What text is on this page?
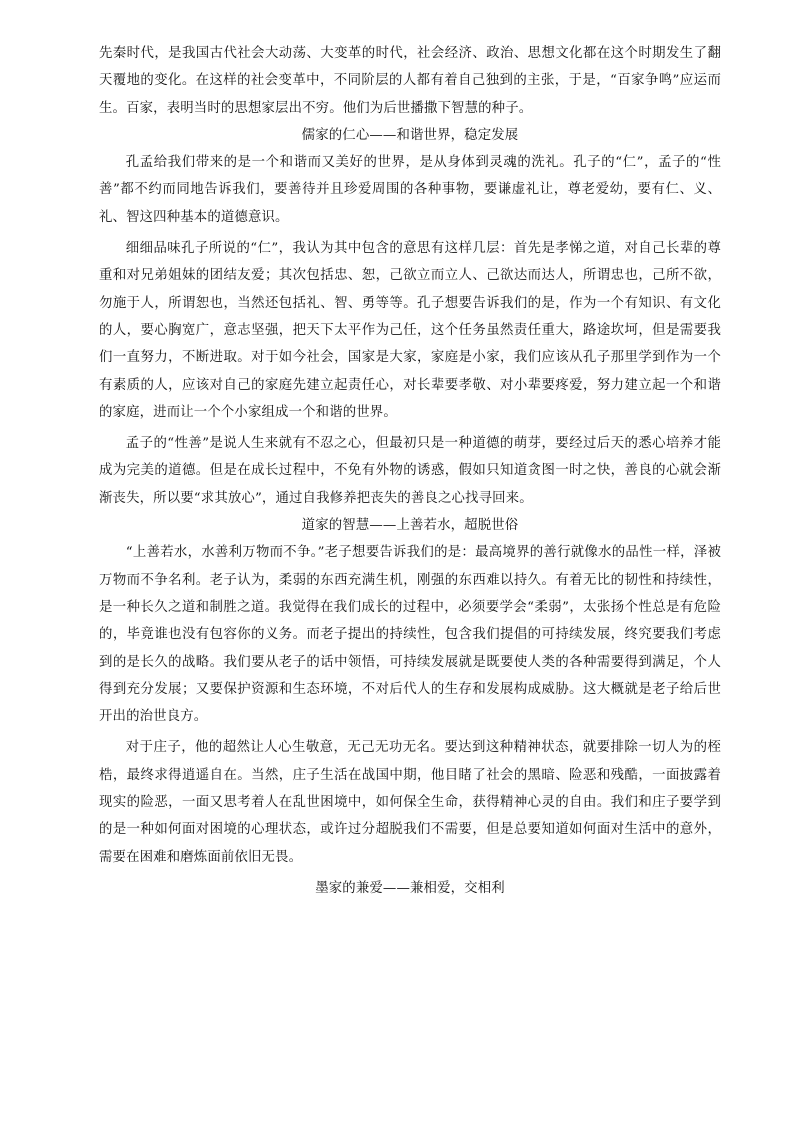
先秦时代，是我国古代社会大动荡、大变革的时代，社会经济、政治、思想文化都在这个时期发生了翻天覆地的变化。在这样的社会变革中，不同阶层的人都有着自己独到的主张，于是，“百家争鸣”应运而生。百家，表明当时的思想家层出不穷。他们为后世播撒下智慧的种子。

儒家的仁心——和谐世界，稳定发展

孔孟给我们带来的是一个和谐而又美好的世界，是从身体到灵魂的洗礼。孔子的“仁”，孟子的“性善”都不约而同地告诉我们，要善待并且珍爱周围的各种事物，要谦虚礼让，尊老爱幼，要有仁、义、礼、智这四种基本的道德意识。

细细品味孔子所说的“仁”，我认为其中包含的意思有这样几层：首先是孝悌之道，对自己长辈的尊重和对兄弟姐妹的团结友爱；其次包括忠、恕，己欲立而立人、己欲达而达人，所谓忠也，己所不欲，勿施于人，所谓恕也，当然还包括礼、智、勇等等。孔子想要告诉我们的是，作为一个有知识、有文化的人，要心胸宽广，意志坚强，把天下太平作为己任，这个任务虽然责任重大，路途坎坷，但是需要我们一直努力，不断进取。对于如今社会，国家是大家，家庭是小家，我们应该从孔子那里学到作为一个有素质的人，应该对自己的家庭先建立起责任心，对长辈要孝敬、对小辈要疼爱，努力建立起一个和谐的家庭，进而让一个个小家组成一个和谐的世界。

孟子的“性善”是说人生来就有不忍之心，但最初只是一种道德的萌芽，要经过后天的悉心培养才能成为完美的道德。但是在成长过程中，不免有外物的诱惑，假如只知道贪图一时之快，善良的心就会渐渐丧失，所以要“求其放心”，通过自我修养把丧失的善良之心找寻回来。

道家的智慧——上善若水，超脱世俗

“上善若水，水善利万物而不争。”老子想要告诉我们的是：最高境界的善行就像水的品性一样，泽被万物而不争名利。老子认为，柔弱的东西充满生机，刚强的东西难以持久。有着无比的韧性和持续性，是一种长久之道和制胜之道。我觉得在我们成长的过程中，必须要学会“柔弱”，太张扬个性总是有危险的，毕竟谁也没有包容你的义务。而老子提出的持续性，包含我们提倡的可持续发展，终究要我们考虑到的是长久的战略。我们要从老子的话中领悟，可持续发展就是既要使人类的各种需要得到满足，个人得到充分发展；又要保护资源和生态环境，不对后代人的生存和发展构成威胁。这大概就是老子给后世开出的治世良方。

对于庄子，他的超然让人心生敬意，无己无功无名。要达到这种精神状态，就要排除一切人为的桎梏，最终求得逍遥自在。当然，庄子生活在战国中期，他目睹了社会的黑暗、险恶和残酷，一面披露着现实的险恶，一面又思考着人在乱世困境中，如何保全生命，获得精神心灵的自由。我们和庄子要学到的是一种如何面对困境的心理状态，或许过分超脱我们不需要，但是总要知道如何面对生活中的意外，需要在困难和磨炼面前依旧无畏。

墨家的兼爱——兼相爱，交相利
